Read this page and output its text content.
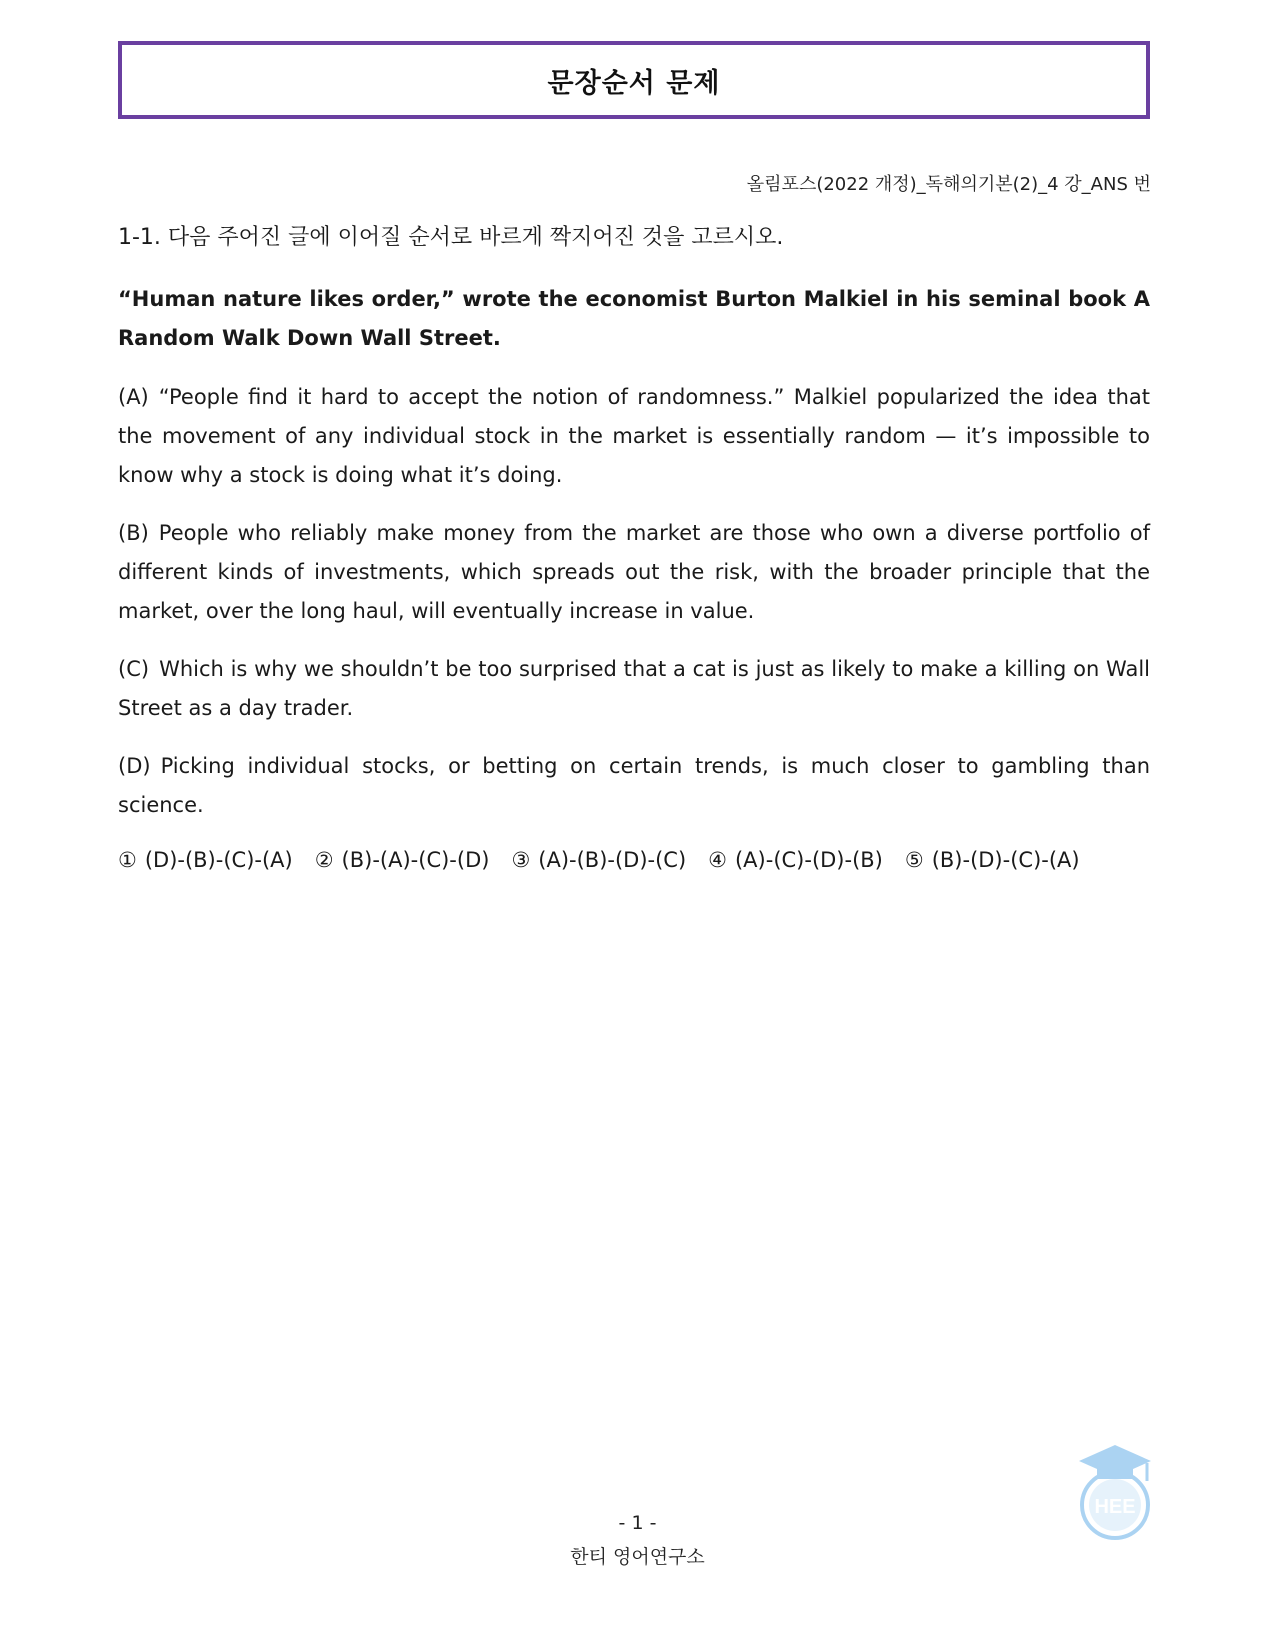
문장순서 문제
올림포스(2022 개정)_독해의기본(2)_4 강_ANS 번

1-1. 다음 주어진 글에 이어질 순서로 바르게 짝지어진 것을 고르시오.

“Human nature likes order,” wrote the economist Burton Malkiel in his seminal book A Random Walk Down Wall Street.

(A) “People find it hard to accept the notion of randomness.” Malkiel popularized the idea that the movement of any individual stock in the market is essentially random — it’s impossible to know why a stock is doing what it’s doing.

(B) People who reliably make money from the market are those who own a diverse portfolio of different kinds of investments, which spreads out the risk, with the broader principle that the market, over the long haul, will eventually increase in value.

(C) Which is why we shouldn’t be too surprised that a cat is just as likely to make a killing on Wall Street as a day trader.

(D) Picking individual stocks, or betting on certain trends, is much closer to gambling than science.

① (D)-(B)-(C)-(A) ② (B)-(A)-(C)-(D) ③ (A)-(B)-(D)-(C) ④ (A)-(C)-(D)-(B) ⑤ (B)-(D)-(C)-(A)
HEE
- 1 -
한티 영어연구소
